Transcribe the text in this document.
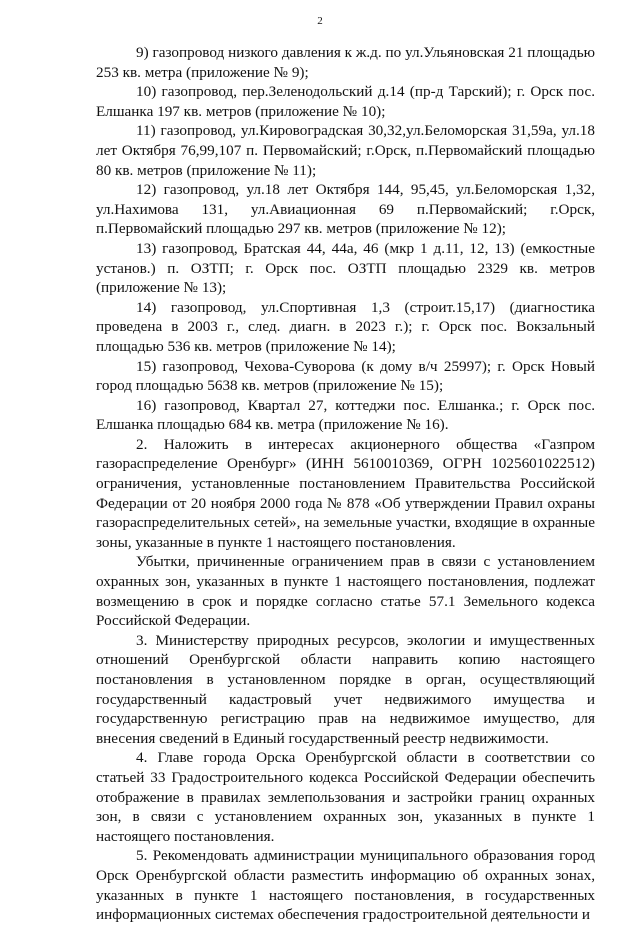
2

9) газопровод низкого давления к ж.д. по ул.Ульяновская 21 площадью 253 кв. метра (приложение № 9);

10) газопровод, пер.Зеленодольский д.14 (пр-д Тарский); г. Орск пос. Елшанка 197 кв. метров (приложение № 10);

11) газопровод, ул.Кировоградская 30,32,ул.Беломорская 31,59а, ул.18 лет Октября 76,99,107 п. Первомайский; г.Орск, п.Первомайский площадью 80 кв. метров (приложение № 11);

12) газопровод, ул.18 лет Октября 144, 95,45, ул.Беломорская 1,32, ул.Нахимова 131, ул.Авиационная 69 п.Первомайский; г.Орск, п.Первомайский площадью 297 кв. метров (приложение № 12);

13) газопровод, Братская 44, 44а, 46 (мкр 1 д.11, 12, 13) (емкостные установ.) п. ОЗТП; г. Орск пос. ОЗТП площадью 2329 кв. метров (приложение № 13);

14) газопровод, ул.Спортивная 1,3 (строит.15,17) (диагностика проведена в 2003 г., след. диагн. в 2023 г.); г. Орск пос. Вокзальный площадью 536 кв. метров (приложение № 14);

15) газопровод, Чехова-Суворова (к дому в/ч 25997); г. Орск Новый город площадью 5638 кв. метров (приложение № 15);

16) газопровод, Квартал 27, коттеджи пос. Елшанка.; г. Орск пос. Елшанка площадью 684 кв. метра (приложение № 16).

2. Наложить в интересах акционерного общества «Газпром газораспределение Оренбург» (ИНН 5610010369, ОГРН 1025601022512) ограничения, установленные постановлением Правительства Российской Федерации от 20 ноября 2000 года № 878 «Об утверждении Правил охраны газораспределительных сетей», на земельные участки, входящие в охранные зоны, указанные в пункте 1 настоящего постановления.

Убытки, причиненные ограничением прав в связи с установлением охранных зон, указанных в пункте 1 настоящего постановления, подлежат возмещению в срок и порядке согласно статье 57.1 Земельного кодекса Российской Федерации.

3. Министерству природных ресурсов, экологии и имущественных отношений Оренбургской области направить копию настоящего постановления в установленном порядке в орган, осуществляющий государственный кадастровый учет недвижимого имущества и государственную регистрацию прав на недвижимое имущество, для внесения сведений в Единый государственный реестр недвижимости.

4. Главе города Орска Оренбургской области в соответствии со статьей 33 Градостроительного кодекса Российской Федерации обеспечить отображение в правилах землепользования и застройки границ охранных зон, в связи с установлением охранных зон, указанных в пункте 1 настоящего постановления.

5. Рекомендовать администрации муниципального образования город Орск Оренбургской области разместить информацию об охранных зонах, указанных в пункте 1 настоящего постановления, в государственных информационных системах обеспечения градостроительной деятельности и
